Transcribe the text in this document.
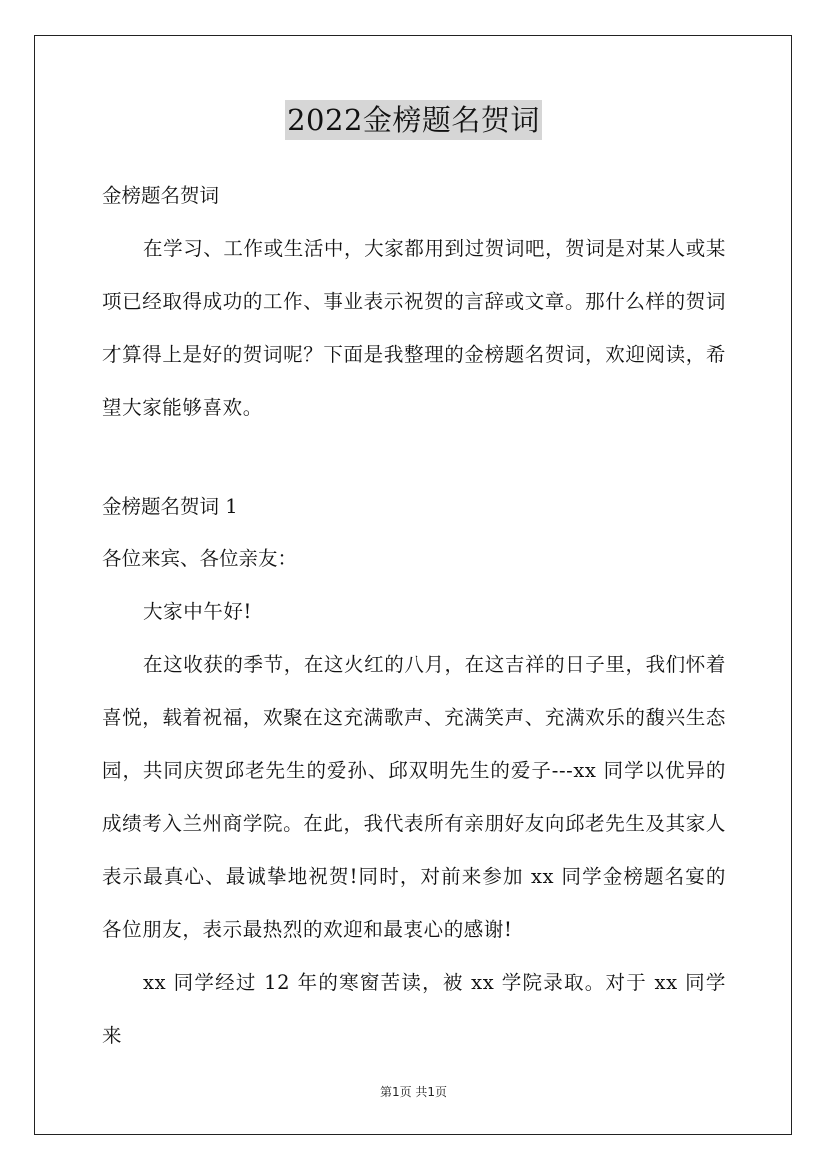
2022金榜题名贺词
金榜题名贺词

在学习、工作或生活中，大家都用到过贺词吧，贺词是对某人或某项已经取得成功的工作、事业表示祝贺的言辞或文章。那什么样的贺词才算得上是好的贺词呢？下面是我整理的金榜题名贺词，欢迎阅读，希望大家能够喜欢。

金榜题名贺词 1
各位来宾、各位亲友：

大家中午好!

在这收获的季节，在这火红的八月，在这吉祥的日子里，我们怀着喜悦，载着祝福，欢聚在这充满歌声、充满笑声、充满欢乐的馥兴生态园，共同庆贺邱老先生的爱孙、邱双明先生的爱子---xx 同学以优异的成绩考入兰州商学院。在此，我代表所有亲朋好友向邱老先生及其家人表示最真心、最诚挚地祝贺!同时，对前来参加 xx 同学金榜题名宴的各位朋友，表示最热烈的欢迎和最衷心的感谢!

xx 同学经过 12 年的寒窗苦读，被 xx 学院录取。对于 xx 同学来

第1页 共1页
